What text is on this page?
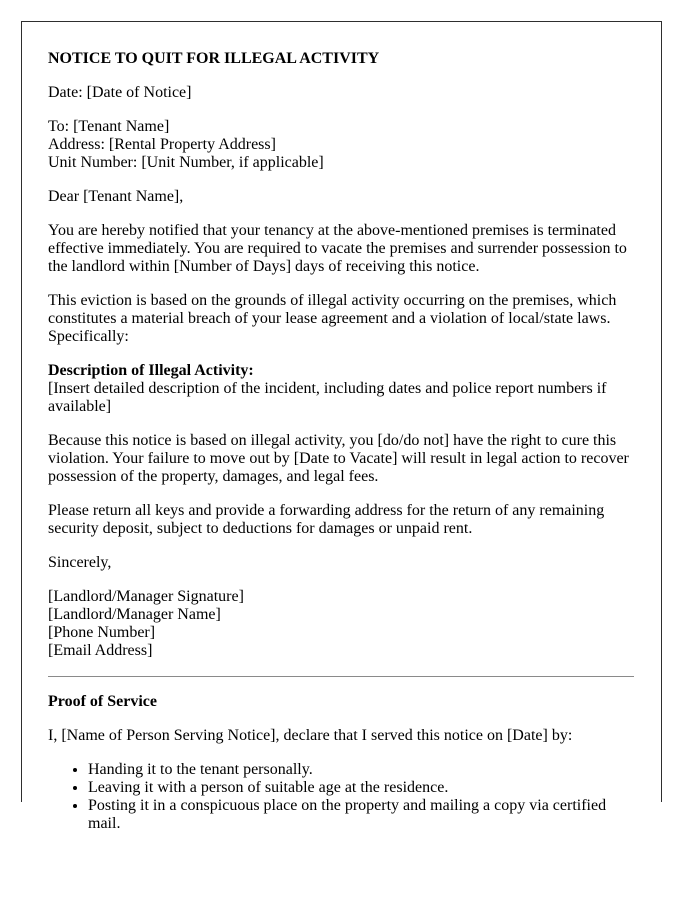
NOTICE TO QUIT FOR ILLEGAL ACTIVITY

Date: [Date of Notice]

To: [Tenant Name]
Address: [Rental Property Address]
Unit Number: [Unit Number, if applicable]

Dear [Tenant Name],

You are hereby notified that your tenancy at the above-mentioned premises is terminated effective immediately. You are required to vacate the premises and surrender possession to the landlord within [Number of Days] days of receiving this notice.

This eviction is based on the grounds of illegal activity occurring on the premises, which constitutes a material breach of your lease agreement and a violation of local/state laws. Specifically:

Description of Illegal Activity:
[Insert detailed description of the incident, including dates and police report numbers if available]

Because this notice is based on illegal activity, you [do/do not] have the right to cure this violation. Your failure to move out by [Date to Vacate] will result in legal action to recover possession of the property, damages, and legal fees.

Please return all keys and provide a forwarding address for the return of any remaining security deposit, subject to deductions for damages or unpaid rent.

Sincerely,

[Landlord/Manager Signature]
[Landlord/Manager Name]
[Phone Number]
[Email Address]

Proof of Service

I, [Name of Person Serving Notice], declare that I served this notice on [Date] by:

• Handing it to the tenant personally.
• Leaving it with a person of suitable age at the residence.
• Posting it in a conspicuous place on the property and mailing a copy via certified mail.
